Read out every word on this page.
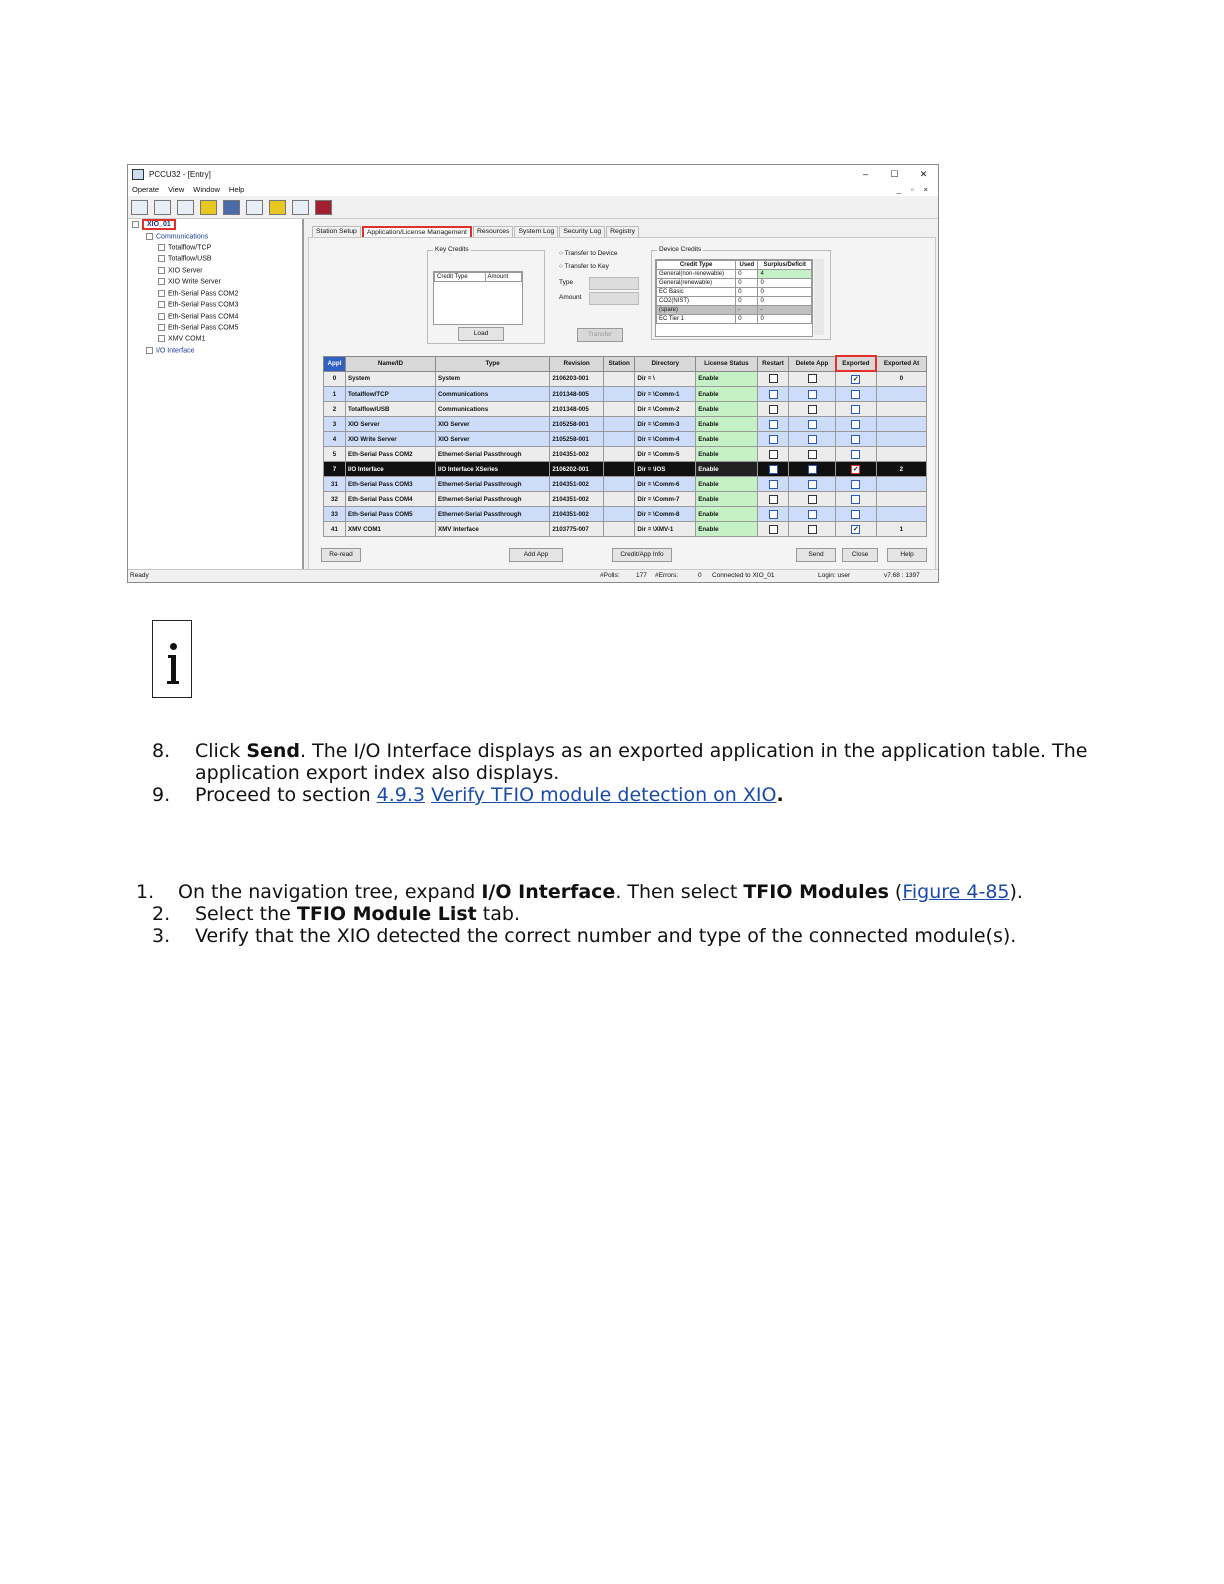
PCCU32 - [Entry]	–	☐	✕
Operate View Window Help	_ ▫ ×
XIO_01
Communications
Totalflow/TCP
Totalflow/USB
XIO Server
XIO Write Server
Eth-Serial Pass COM2
Eth-Serial Pass COM3
Eth-Serial Pass COM4
Eth-Serial Pass COM5
XMV COM1
I/O Interface
Station Setup	Application/License Management	Resources	System Log	Security Log	Registry
Key Credits
Credit Type	Amount
Load
○ Transfer to Device
○ Transfer to Key
Type
Amount
Transfer
Device Credits
Credit Type	Used	Surplus/Deficit
General(non-renewable)	0	4
General(renewable)	0	0
EC Basic	0	0
CO2(NIST)	0	0
(spare)	-	-
EC Tier 1	0	0
Appl	Name/ID	Type	Revision	Station	Directory	License Status	Restart	Delete App	Exported	Exported At
0	System	System	2106203-001		Dir = \	Enable			✓	0
1	Totalflow/TCP	Communications	2101348-005		Dir = \Comm-1	Enable				
2	Totalflow/USB	Communications	2101348-005		Dir = \Comm-2	Enable				
3	XIO Server	XIO Server	2105258-001		Dir = \Comm-3	Enable				
4	XIO Write Server	XIO Server	2105258-001		Dir = \Comm-4	Enable				
5	Eth-Serial Pass COM2	Ethernet-Serial Passthrough	2104351-002		Dir = \Comm-5	Enable				
7	I/O Interface	I/O Interface XSeries	2106202-001		Dir = \IOS	Enable			✓	2
31	Eth-Serial Pass COM3	Ethernet-Serial Passthrough	2104351-002		Dir = \Comm-6	Enable				
32	Eth-Serial Pass COM4	Ethernet-Serial Passthrough	2104351-002		Dir = \Comm-7	Enable				
33	Eth-Serial Pass COM5	Ethernet-Serial Passthrough	2104351-002		Dir = \Comm-8	Enable				
41	XMV COM1	XMV Interface	2103775-007		Dir = \XMV-1	Enable			✓	1
Re-read	Add App	Credit/App Info	Send	Close	Help
Ready	#Polls:	177 #Errors:	0 Connected to XIO_01	Login: user	v7.68 : 1397
8. Click Send. The I/O Interface displays as an exported application in the application table. The
application export index also displays.
9. Proceed to section 4.9.3 Verify TFIO module detection on XIO.
1. On the navigation tree, expand I/O Interface. Then select TFIO Modules (Figure 4-85).
2. Select the TFIO Module List tab.
3. Verify that the XIO detected the correct number and type of the connected module(s).
